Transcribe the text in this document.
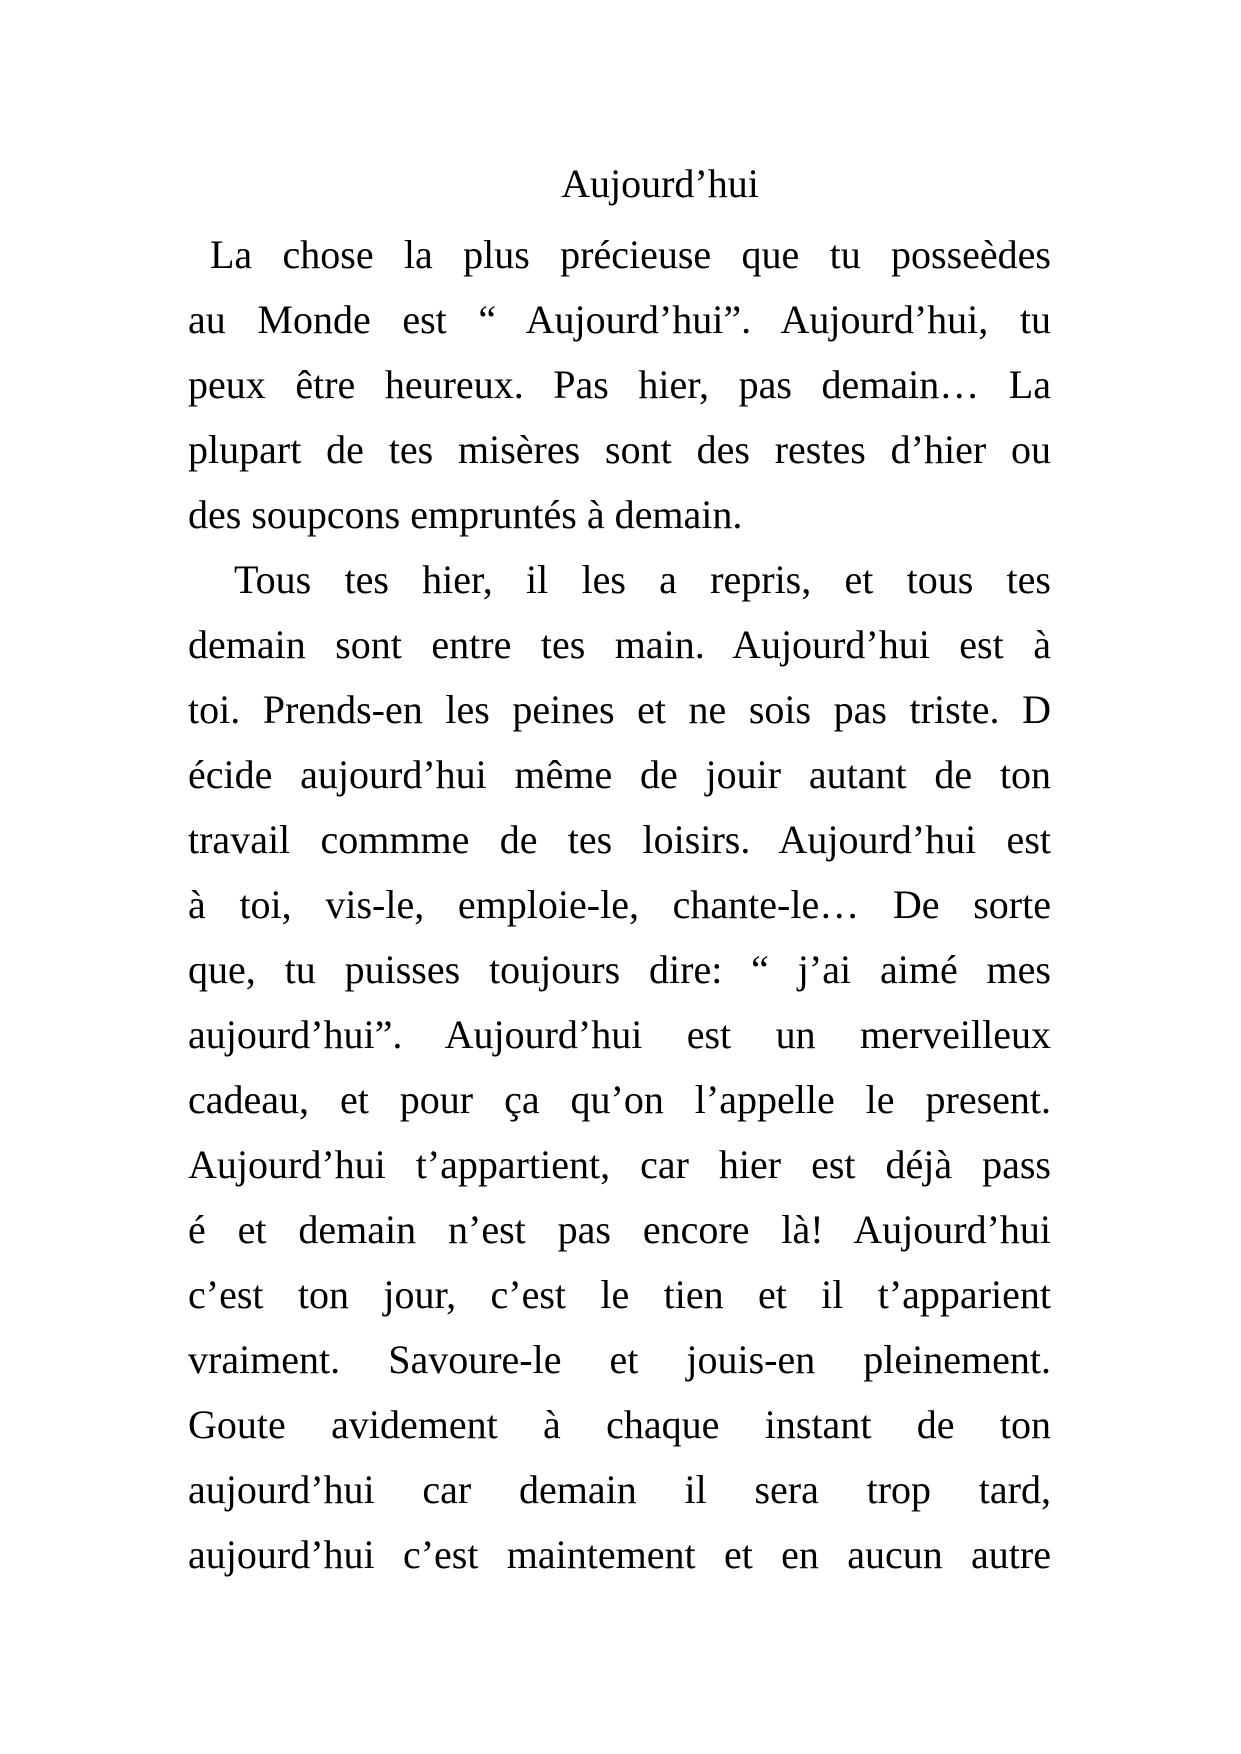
Aujourd’hui
La chose la plus précieuse que tu posseèdes
au Monde est “ Aujourd’hui”. Aujourd’hui, tu
peux être heureux. Pas hier, pas demain… La
plupart de tes misères sont des restes d’hier ou
des soupcons empruntés à demain.
Tous tes hier, il les a repris, et tous tes
demain sont entre tes main. Aujourd’hui est à
toi. Prends-en les peines et ne sois pas triste. D
écide aujourd’hui même de jouir autant de ton
travail commme de tes loisirs. Aujourd’hui est
à toi, vis-le, emploie-le, chante-le… De sorte
que, tu puisses toujours dire: “ j’ai aimé mes
aujourd’hui”. Aujourd’hui est un merveilleux
cadeau, et pour ça qu’on l’appelle le present.
Aujourd’hui t’appartient, car hier est déjà pass
é et demain n’est pas encore là! Aujourd’hui
c’est ton jour, c’est le tien et il t’apparient
vraiment. Savoure-le et jouis-en pleinement.
Goute avidement à chaque instant de ton
aujourd’hui car demain il sera trop tard,
aujourd’hui c’est maintement et en aucun autre
